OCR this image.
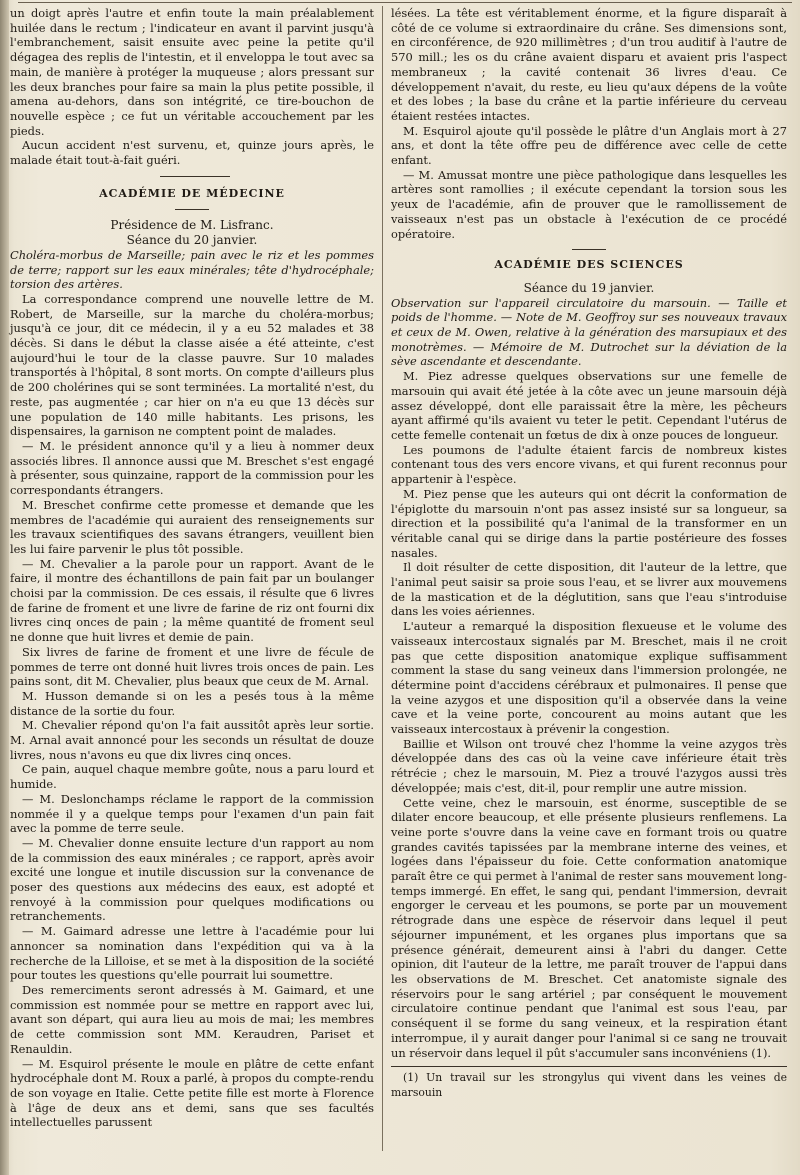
un doigt après l'autre et enfin toute la main préalablement huilée dans le rectum ; l'indicateur en avant il parvint jusqu'à l'embranchement, saisit ensuite avec peine la petite qu'il dégagea des replis de l'intestin, et il enveloppa le tout avec sa main, de manière à protéger la muqueuse ; alors pressant sur les deux branches pour faire sa main la plus petite possible, il amena au-dehors, dans son intégrité, ce tire-bouchon de nouvelle espèce ; ce fut un véritable accouchement par les pieds.

Aucun accident n'est survenu, et, quinze jours après, le malade était tout-à-fait guéri.

ACADÉMIE DE MÉDECINE

Présidence de M. Lisfranc.

Séance du 20 janvier.

Choléra-morbus de Marseille; pain avec le riz et les pommes de terre; rapport sur les eaux minérales; tête d'hydrocéphale; torsion des artères.

La correspondance comprend une nouvelle lettre de M. Robert, de Marseille, sur la marche du choléra-morbus; jusqu'à ce jour, dit ce médecin, il y a eu 52 malades et 38 décès. Si dans le début la classe aisée a été atteinte, c'est aujourd'hui le tour de la classe pauvre. Sur 10 malades transportés à l'hôpital, 8 sont morts. On compte d'ailleurs plus de 200 cholérines qui se sont terminées. La mortalité n'est, du reste, pas augmentée ; car hier on n'a eu que 13 décès sur une population de 140 mille habitants. Les prisons, les dispensaires, la garnison ne comptent point de malades.

— M. le président annonce qu'il y a lieu à nommer deux associés libres. Il annonce aussi que M. Breschet s'est engagé à présenter, sous quinzaine, rapport de la commission pour les correspondants étrangers.

M. Breschet confirme cette promesse et demande que les membres de l'académie qui auraient des renseignements sur les travaux scientifiques des savans étrangers, veuillent bien les lui faire parvenir le plus tôt possible.

— M. Chevalier a la parole pour un rapport. Avant de le faire, il montre des échantillons de pain fait par un boulanger choisi par la commission. De ces essais, il résulte que 6 livres de farine de froment et une livre de farine de riz ont fourni dix livres cinq onces de pain ; la même quantité de froment seul ne donne que huit livres et demie de pain.

Six livres de farine de froment et une livre de fécule de pommes de terre ont donné huit livres trois onces de pain. Les pains sont, dit M. Chevalier, plus beaux que ceux de M. Arnal.

M. Husson demande si on les a pesés tous à la même distance de la sortie du four.

M. Chevalier répond qu'on l'a fait aussitôt après leur sortie. M. Arnal avait annoncé pour les seconds un résultat de douze livres, nous n'avons eu que dix livres cinq onces.

Ce pain, auquel chaque membre goûte, nous a paru lourd et humide.

— M. Deslonchamps réclame le rapport de la commission nommée il y a quelque temps pour l'examen d'un pain fait avec la pomme de terre seule.

— M. Chevalier donne ensuite lecture d'un rapport au nom de la commission des eaux minérales ; ce rapport, après avoir excité une longue et inutile discussion sur la convenance de poser des questions aux médecins des eaux, est adopté et renvoyé à la commission pour quelques modifications ou retranchements.

— M. Gaimard adresse une lettre à l'académie pour lui annoncer sa nomination dans l'expédition qui va à la recherche de la Lilloise, et se met à la disposition de la société pour toutes les questions qu'elle pourrait lui soumettre.

Des remerciments seront adressés à M. Gaimard, et une commission est nommée pour se mettre en rapport avec lui, avant son départ, qui aura lieu au mois de mai; les membres de cette commission sont MM. Keraudren, Pariset et Renauldin.

— M. Esquirol présente le moule en plâtre de cette enfant hydrocéphale dont M. Roux a parlé, à propos du compte-rendu de son voyage en Italie. Cette petite fille est morte à Florence à l'âge de deux ans et demi, sans que ses facultés intellectuelles parussent

lésées. La tête est véritablement énorme, et la figure disparaît à côté de ce volume si extraordinaire du crâne. Ses dimensions sont, en circonférence, de 920 millimètres ; d'un trou auditif à l'autre de 570 mill.; les os du crâne avaient disparu et avaient pris l'aspect membraneux ; la cavité contenait 36 livres d'eau. Ce développement n'avait, du reste, eu lieu qu'aux dépens de la voûte et des lobes ; la base du crâne et la partie inférieure du cerveau étaient restées intactes.

M. Esquirol ajoute qu'il possède le plâtre d'un Anglais mort à 27 ans, et dont la tête offre peu de différence avec celle de cette enfant.

— M. Amussat montre une pièce pathologique dans lesquelles les artères sont ramollies ; il exécute cependant la torsion sous les yeux de l'académie, afin de prouver que le ramollissement de vaisseaux n'est pas un obstacle à l'exécution de ce procédé opératoire.

ACADÉMIE DES SCIENCES

Séance du 19 janvier.

Observation sur l'appareil circulatoire du marsouin. — Taille et poids de l'homme. — Note de M. Geoffroy sur ses nouveaux travaux et ceux de M. Owen, relative à la génération des marsupiaux et des monotrèmes. — Mémoire de M. Dutrochet sur la déviation de la sève ascendante et descendante.

M. Piez adresse quelques observations sur une femelle de marsouin qui avait été jetée à la côte avec un jeune marsouin déjà assez développé, dont elle paraissait être la mère, les pêcheurs ayant affirmé qu'ils avaient vu teter le petit. Cependant l'utérus de cette femelle contenait un fœtus de dix à onze pouces de longueur.

Les poumons de l'adulte étaient farcis de nombreux kistes contenant tous des vers encore vivans, et qui furent reconnus pour appartenir à l'espèce.

M. Piez pense que les auteurs qui ont décrit la conformation de l'épiglotte du marsouin n'ont pas assez insisté sur sa longueur, sa direction et la possibilité qu'a l'animal de la transformer en un véritable canal qui se dirige dans la partie postérieure des fosses nasales.

Il doit résulter de cette disposition, dit l'auteur de la lettre, que l'animal peut saisir sa proie sous l'eau, et se livrer aux mouvemens de la mastication et de la déglutition, sans que l'eau s'introduise dans les voies aériennes.

L'auteur a remarqué la disposition flexueuse et le volume des vaisseaux intercostaux signalés par M. Breschet, mais il ne croit pas que cette disposition anatomique explique suffisamment comment la stase du sang veineux dans l'immersion prolongée, ne détermine point d'accidens cérébraux et pulmonaires. Il pense que la veine azygos et une disposition qu'il a observée dans la veine cave et la veine porte, concourent au moins autant que les vaisseaux intercostaux à prévenir la congestion.

Baillie et Wilson ont trouvé chez l'homme la veine azygos très développée dans des cas où la veine cave inférieure était très rétrécie ; chez le marsouin, M. Piez a trouvé l'azygos aussi très développée; mais c'est, dit-il, pour remplir une autre mission.

Cette veine, chez le marsouin, est énorme, susceptible de se dilater encore beaucoup, et elle présente plusieurs renflemens. La veine porte s'ouvre dans la veine cave en formant trois ou quatre grandes cavités tapissées par la membrane interne des veines, et logées dans l'épaisseur du foie. Cette conformation anatomique paraît être ce qui permet à l'animal de rester sans mouvement long-temps immergé. En effet, le sang qui, pendant l'immersion, devrait engorger le cerveau et les poumons, se porte par un mouvement rétrograde dans une espèce de réservoir dans lequel il peut séjourner impunément, et les organes plus importans que sa présence générait, demeurent ainsi à l'abri du danger. Cette opinion, dit l'auteur de la lettre, me paraît trouver de l'appui dans les observations de M. Breschet. Cet anatomiste signale des réservoirs pour le sang artériel ; par conséquent le mouvement circulatoire continue pendant que l'animal est sous l'eau, par conséquent il se forme du sang veineux, et la respiration étant interrompue, il y aurait danger pour l'animal si ce sang ne trouvait un réservoir dans lequel il pût s'accumuler sans inconvéniens (1).

(1) Un travail sur les strongylus qui vivent dans les veines de marsouin
